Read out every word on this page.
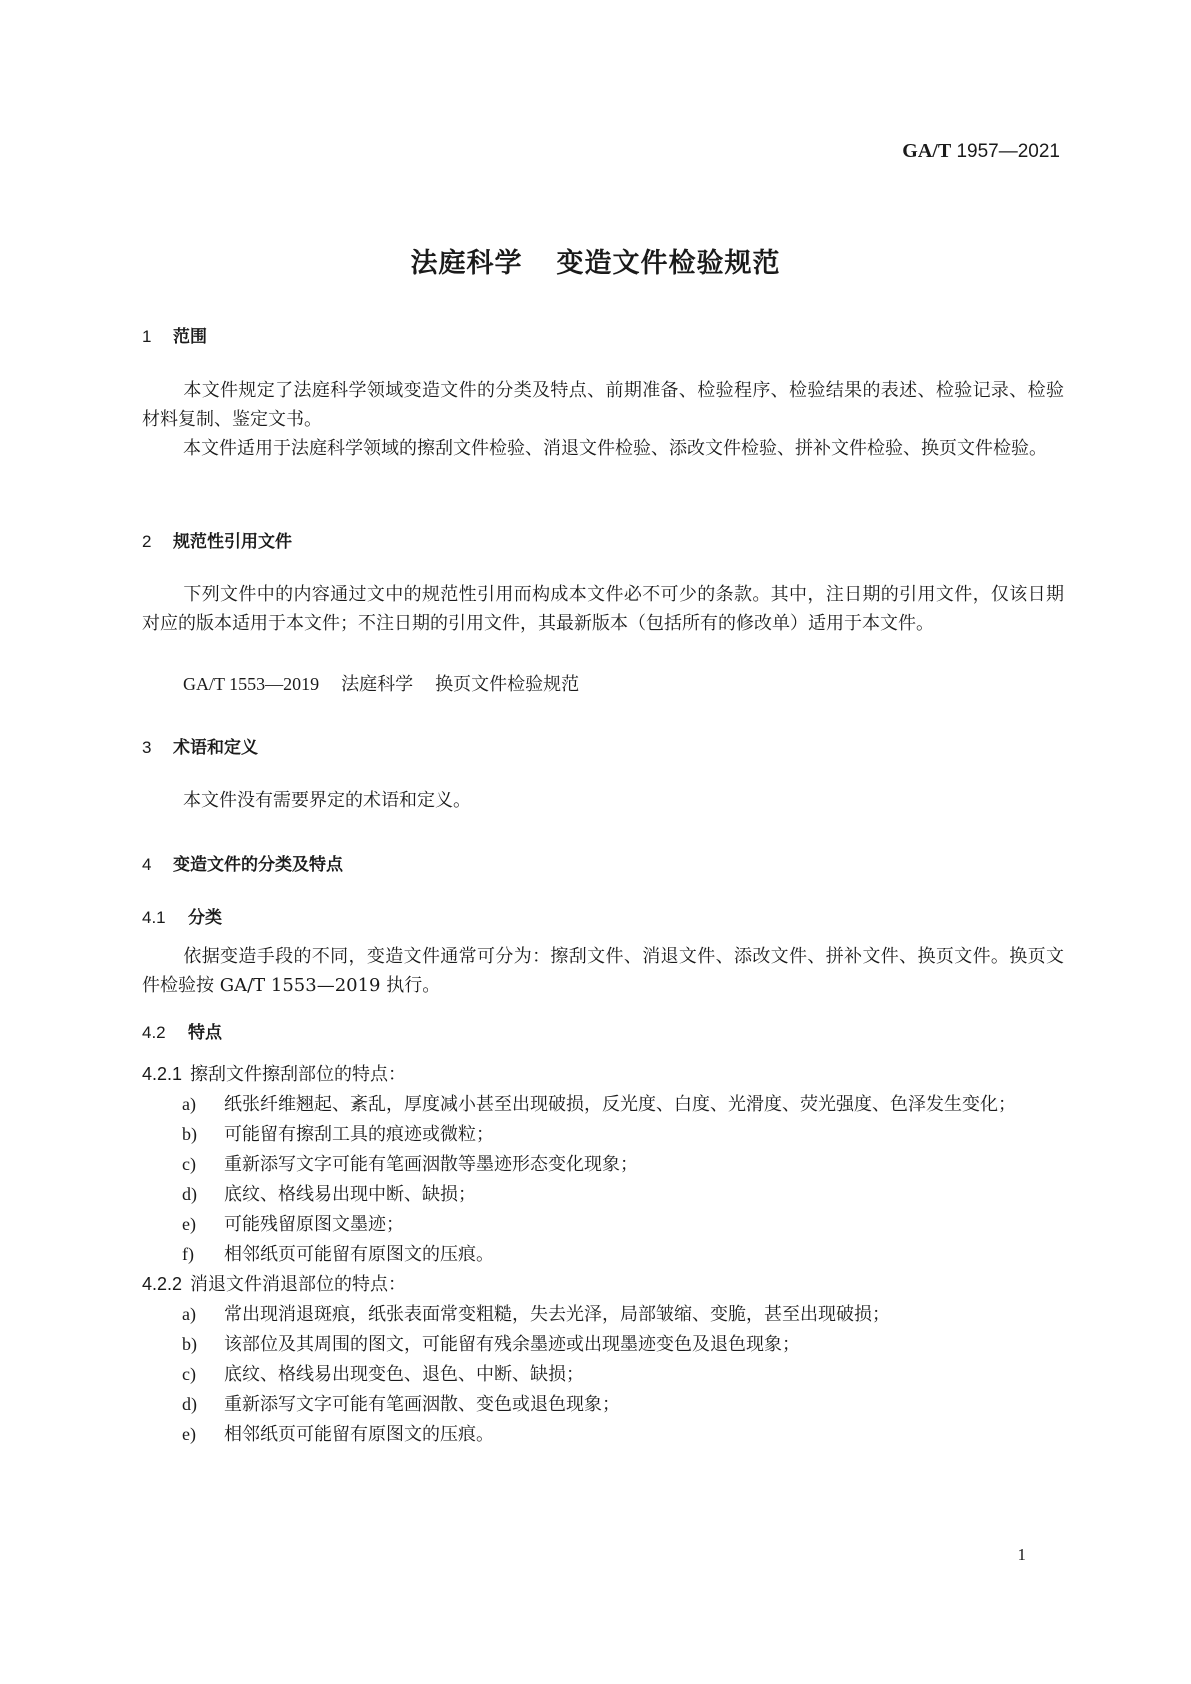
GA/T 1957—2021
法庭科学 变造文件检验规范
1 范围
本文件规定了法庭科学领域变造文件的分类及特点、前期准备、检验程序、检验结果的表述、检验记录、检验材料复制、鉴定文书。
本文件适用于法庭科学领域的擦刮文件检验、消退文件检验、添改文件检验、拼补文件检验、换页文件检验。
2 规范性引用文件
下列文件中的内容通过文中的规范性引用而构成本文件必不可少的条款。其中，注日期的引用文件，仅该日期对应的版本适用于本文件；不注日期的引用文件，其最新版本（包括所有的修改单）适用于本文件。
GA/T 1553—2019 法庭科学 换页文件检验规范
3 术语和定义
本文件没有需要界定的术语和定义。
4 变造文件的分类及特点
4.1 分类
依据变造手段的不同，变造文件通常可分为：擦刮文件、消退文件、添改文件、拼补文件、换页文件。换页文件检验按 GA/T 1553—2019 执行。
4.2 特点
4.2.1 擦刮文件擦刮部位的特点：
a) 纸张纤维翘起、紊乱，厚度减小甚至出现破损，反光度、白度、光滑度、荧光强度、色泽发生变化；
b) 可能留有擦刮工具的痕迹或微粒；
c) 重新添写文字可能有笔画洇散等墨迹形态变化现象；
d) 底纹、格线易出现中断、缺损；
e) 可能残留原图文墨迹；
f) 相邻纸页可能留有原图文的压痕。
4.2.2 消退文件消退部位的特点：
a) 常出现消退斑痕，纸张表面常变粗糙，失去光泽，局部皱缩、变脆，甚至出现破损；
b) 该部位及其周围的图文，可能留有残余墨迹或出现墨迹变色及退色现象；
c) 底纹、格线易出现变色、退色、中断、缺损；
d) 重新添写文字可能有笔画洇散、变色或退色现象；
e) 相邻纸页可能留有原图文的压痕。
1
